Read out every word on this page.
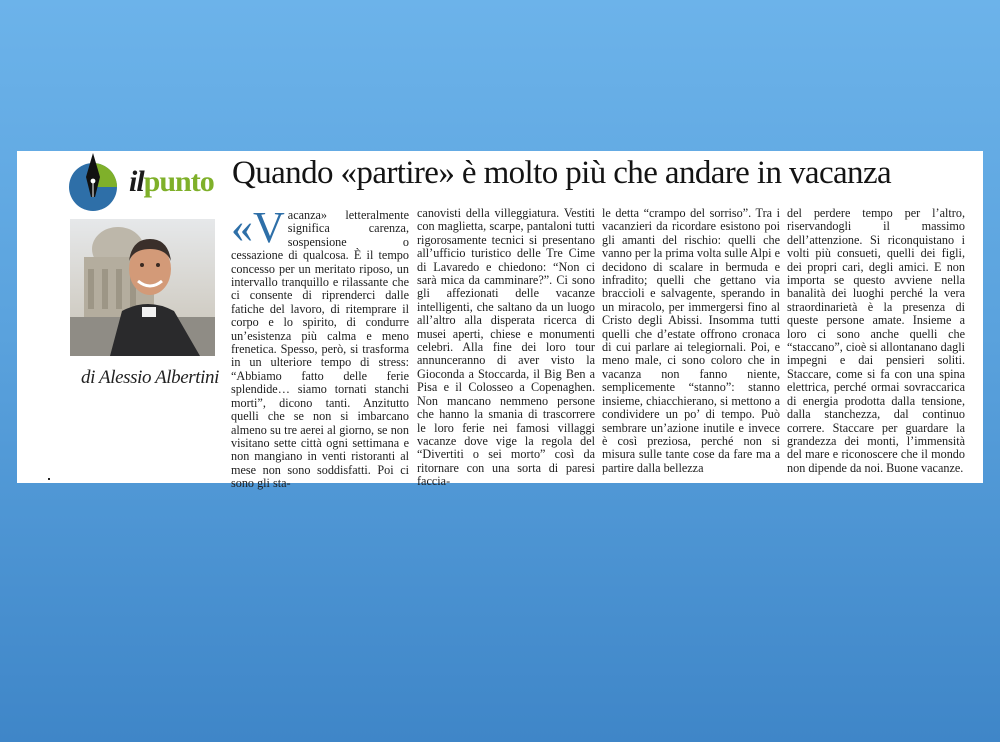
ilpunto Quando «partire» è molto più che andare in vacanza
di Alessio Albertini
«Vacanza» letteralmente significa carenza, sospensione o cessazione di qualcosa. È il tempo concesso per un meritato riposo, un intervallo tranquillo e rilassante che ci consente di riprenderci dalle fatiche del lavoro, di ritemprare il corpo e lo spirito, di condurre un’esistenza più calma e meno frenetica. Spesso, però, si trasforma in un ulteriore tempo di stress: “Abbiamo fatto delle ferie splendide… siamo tornati stanchi morti”, dicono tanti. Anzitutto quelli che se non si imbarcano almeno su tre aerei al giorno, se non visitano sette città ogni settimana e non mangiano in venti ristoranti al mese non sono soddisfatti. Poi ci sono gli sta-
canovisti della villeggiatura. Vestiti con maglietta, scarpe, pantaloni tutti rigorosamente tecnici si presentano all’ufficio turistico delle Tre Cime di Lavaredo e chiedono: “Non ci sarà mica da camminare?”. Ci sono gli affezionati delle vacanze intelligenti, che saltano da un luogo all’altro alla disperata ricerca di musei aperti, chiese e monumenti celebri. Alla fine dei loro tour annunceranno di aver visto la Gioconda a Stoccarda, il Big Ben a Pisa e il Colosseo a Copenaghen. Non mancano nemmeno persone che hanno la smania di trascorrere le loro ferie nei famosi villaggi vacanze dove vige la regola del “Divertiti o sei morto” così da ritornare con una sorta di paresi faccia-
le detta “crampo del sorriso”. Tra i vacanzieri da ricordare esistono poi gli amanti del rischio: quelli che vanno per la prima volta sulle Alpi e decidono di scalare in bermuda e infradito; quelli che gettano via braccioli e salvagente, sperando in un miracolo, per immergersi fino al Cristo degli Abissi. Insomma tutti quelli che d’estate offrono cronaca di cui parlare ai telegiornali. Poi, e meno male, ci sono coloro che in vacanza non fanno niente, semplicemente “stanno”: stanno insieme, chiacchierano, si mettono a condividere un po’ di tempo. Può sembrare un’azione inutile e invece è così preziosa, perché non si misura sulle tante cose da fare ma a partire dalla bellezza
del perdere tempo per l’altro, riservandogli il massimo dell’attenzione. Si riconquistano i volti più consueti, quelli dei figli, dei propri cari, degli amici. E non importa se questo avviene nella banalità dei luoghi perché la vera straordinarietà è la presenza di queste persone amate. Insieme a loro ci sono anche quelli che “staccano”, cioè si allontanano dagli impegni e dai pensieri soliti. Staccare, come si fa con una spina elettrica, perché ormai sovraccarica di energia prodotta dalla tensione, dalla stanchezza, dal continuo correre. Staccare per guardare la grandezza dei monti, l’immensità del mare e riconoscere che il mondo non dipende da noi. Buone vacanze.
